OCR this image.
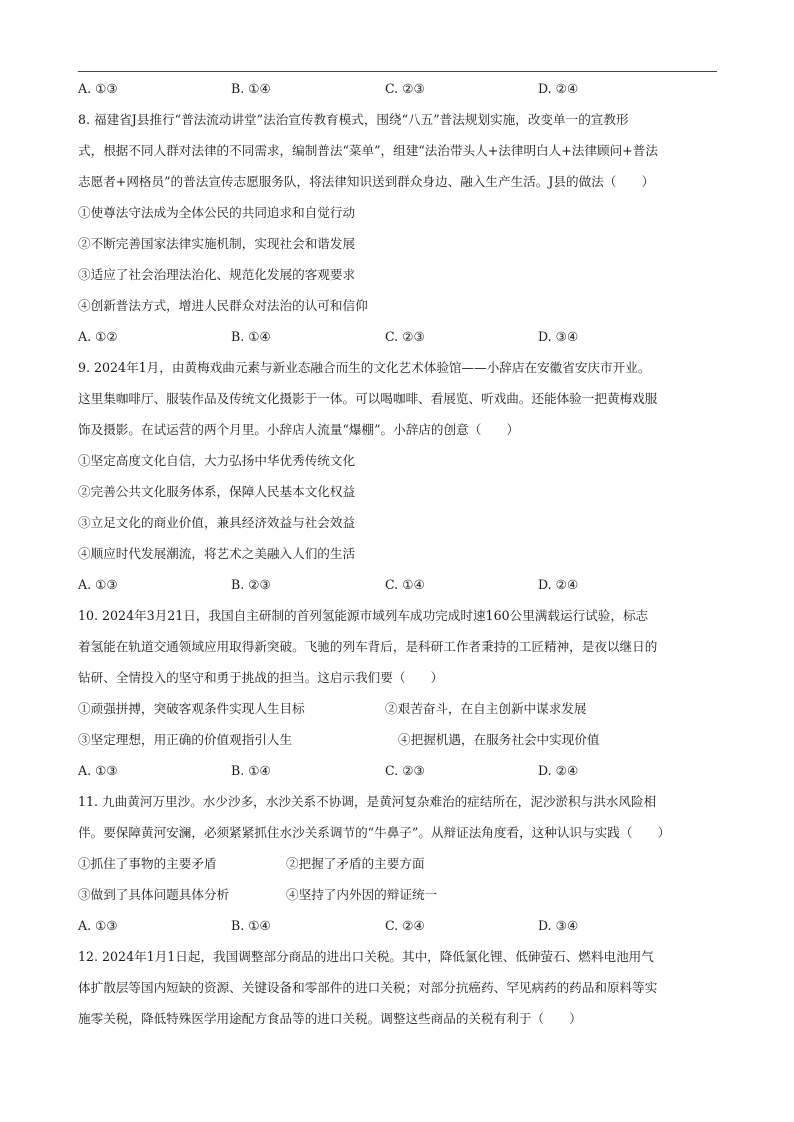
A. ①③	B. ①④	C. ②③	D. ②④
8. 福建省J县推行“普法流动讲堂”法治宣传教育模式，围绕“八五”普法规划实施，改变单一的宣教形
式，根据不同人群对法律的不同需求，编制普法“菜单”，组建“法治带头人+法律明白人+法律顾问+普法
志愿者+网格员”的普法宣传志愿服务队，将法律知识送到群众身边、融入生产生活。J县的做法（　　）
①使尊法守法成为全体公民的共同追求和自觉行动
②不断完善国家法律实施机制，实现社会和谐发展
③适应了社会治理法治化、规范化发展的客观要求
④创新普法方式，增进人民群众对法治的认可和信仰
A. ①②	B. ①④	C. ②③	D. ③④
9. 2024年1月，由黄梅戏曲元素与新业态融合而生的文化艺术体验馆——小辞店在安徽省安庆市开业。
这里集咖啡厅、服装作品及传统文化摄影于一体。可以喝咖啡、看展览、听戏曲。还能体验一把黄梅戏服
饰及摄影。在试运营的两个月里。小辞店人流量“爆棚”。小辞店的创意（　　）
①坚定高度文化自信，大力弘扬中华优秀传统文化
②完善公共文化服务体系，保障人民基本文化权益
③立足文化的商业价值，兼具经济效益与社会效益
④顺应时代发展潮流，将艺术之美融入人们的生活
A. ①③	B. ②③	C. ①④	D. ②④
10. 2024年3月21日，我国自主研制的首列氢能源市域列车成功完成时速160公里满载运行试验，标志
着氢能在轨道交通领域应用取得新突破。飞驰的列车背后，是科研工作者秉持的工匠精神，是夜以继日的
钻研、全情投入的坚守和勇于挑战的担当。这启示我们要（　　）
①顽强拼搏，突破客观条件实现人生目标	②艰苦奋斗，在自主创新中谋求发展
③坚定理想，用正确的价值观指引人生	④把握机遇，在服务社会中实现价值
A. ①③	B. ①④	C. ②③	D. ②④
11. 九曲黄河万里沙。水少沙多，水沙关系不协调，是黄河复杂难治的症结所在，泥沙淤积与洪水风险相
伴。要保障黄河安澜，必须紧紧抓住水沙关系调节的“牛鼻子”。从辩证法角度看，这种认识与实践（　　）
①抓住了事物的主要矛盾	②把握了矛盾的主要方面
③做到了具体问题具体分析	④坚持了内外因的辩证统一
A. ①③	B. ①④	C. ②④	D. ③④
12. 2024年1月1日起，我国调整部分商品的进出口关税。其中，降低氯化锂、低砷萤石、燃料电池用气
体扩散层等国内短缺的资源、关键设备和零部件的进口关税；对部分抗癌药、罕见病药的药品和原料等实
施零关税，降低特殊医学用途配方食品等的进口关税。调整这些商品的关税有利于（　　）
